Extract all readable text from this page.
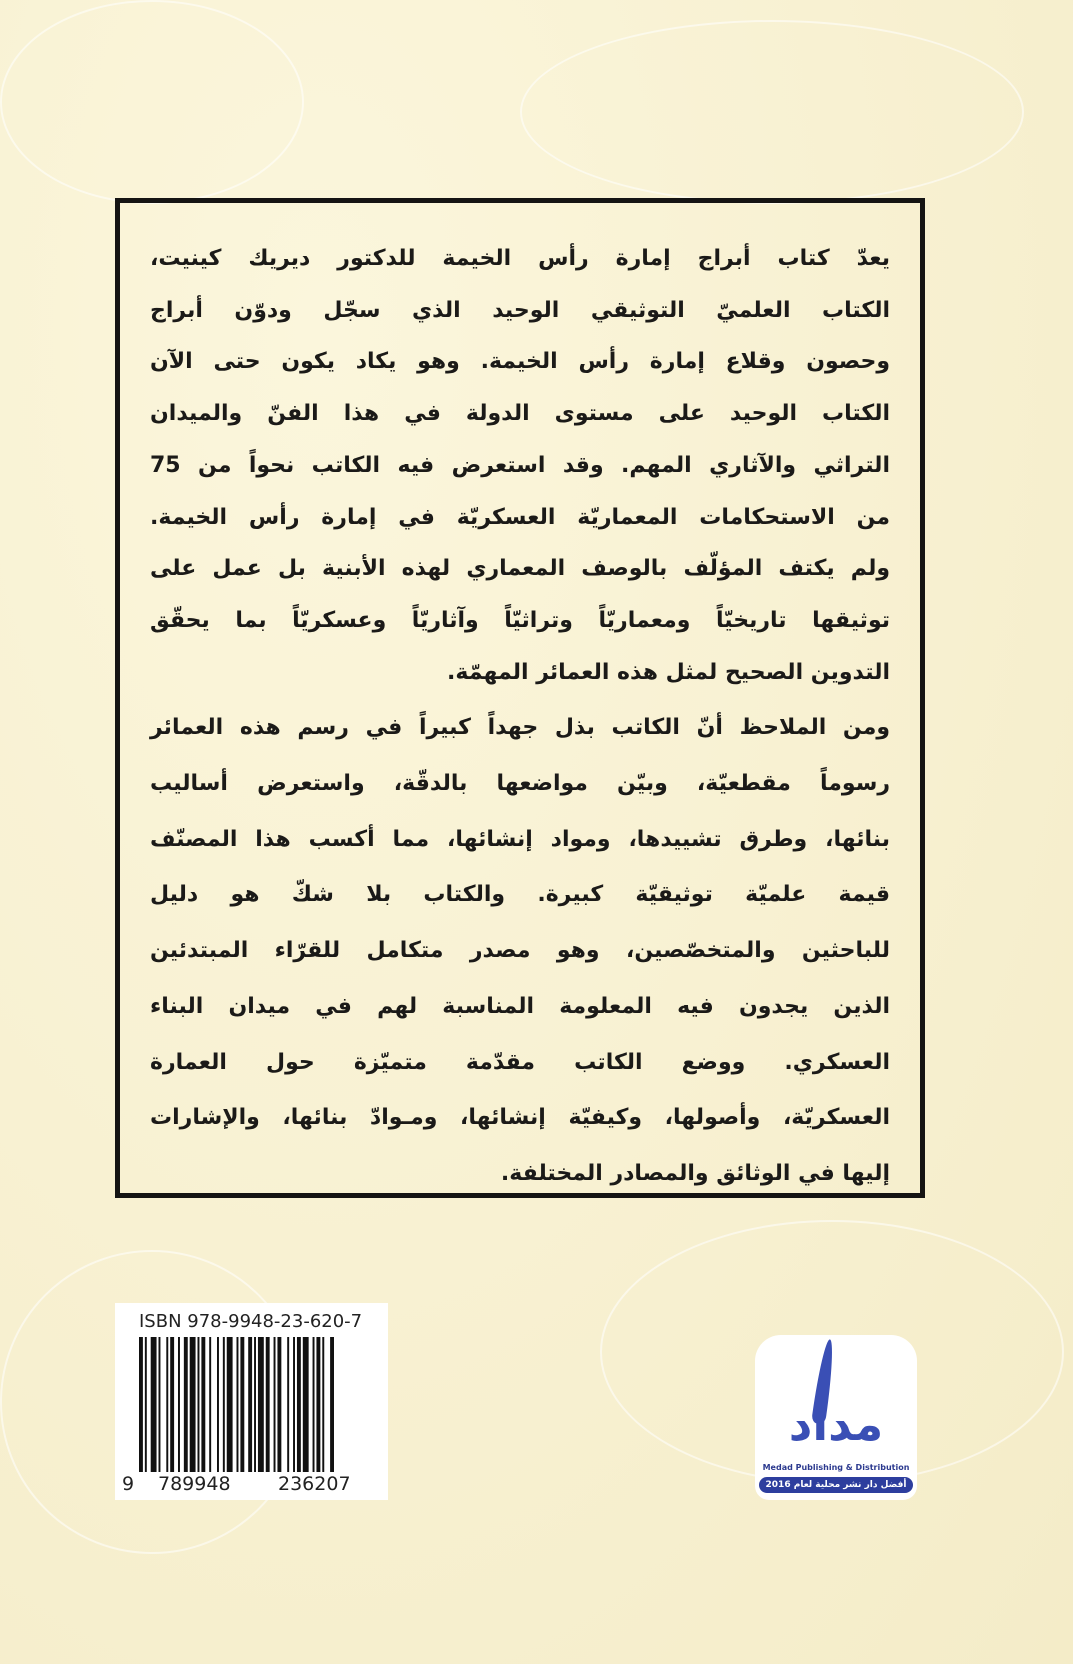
يعدّ كتاب أبراج إمارة رأس الخيمة للدكتور ديريك كينيت،
الكتاب العلميّ التوثيقي الوحيد الذي سجّل ودوّن أبراج
وحصون وقلاع إمارة رأس الخيمة. وهو يكاد يكون حتى الآن
الكتاب الوحيد على مستوى الدولة في هذا الفنّ والميدان
التراثي والآثاري المهم. وقد استعرض فيه الكاتب نحواً من 75
من الاستحكامات المعماريّة العسكريّة في إمارة رأس الخيمة.
ولم يكتف المؤلّف بالوصف المعماري لهذه الأبنية بل عمل على
توثيقها تاريخيّاً ومعماريّاً وتراثيّاً وآثاريّاً وعسكريّاً بما يحقّق
التدوين الصحيح لمثل هذه العمائر المهمّة.
ومن الملاحظ أنّ الكاتب بذل جهداً كبيراً في رسم هذه العمائر
رسوماً مقطعيّة، وبيّن مواضعها بالدقّة، واستعرض أساليب
بنائها، وطرق تشييدها، ومواد إنشائها، مما أكسب هذا المصنّف
قيمة علميّة توثيقيّة كبيرة. والكتاب بلا شكّ هو دليل
للباحثين والمتخصّصين، وهو مصدر متكامل للقرّاء المبتدئين
الذين يجدون فيه المعلومة المناسبة لهم في ميدان البناء
العسكري. ووضع الكاتب مقدّمة متميّزة حول العمارة
العسكريّة، وأصولها، وكيفيّة إنشائها، ومـوادّ بنائها، والإشارات
إليها في الوثائق والمصادر المختلفة.
ISBN 978-9948-23-620-7
9 789948 236207
مداد
Medad Publishing & Distribution
أفضل دار نشر محلية لعام 2016
